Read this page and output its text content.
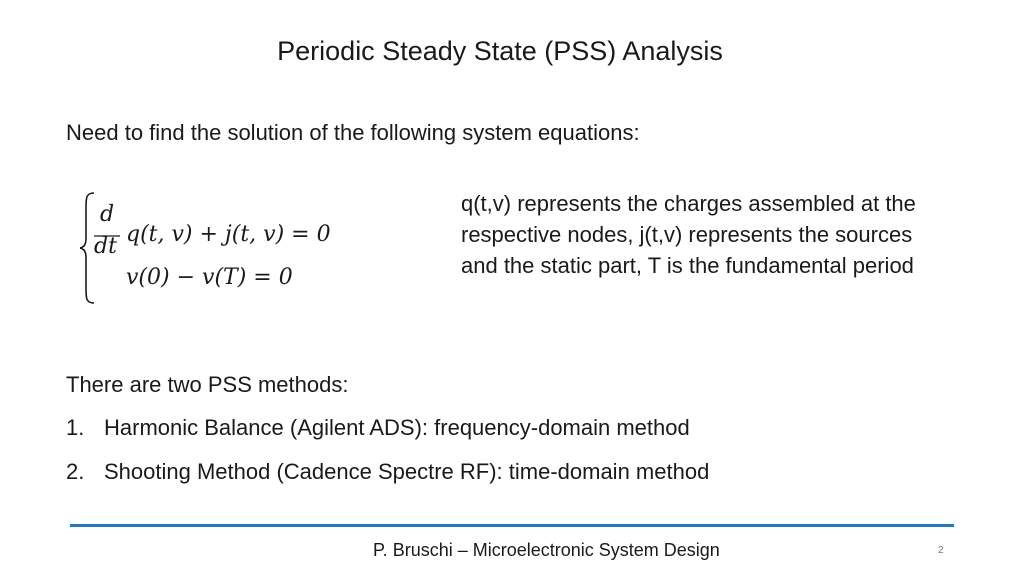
Periodic Steady State (PSS) Analysis
Need to find the solution of the following system equations:
d
dt q(t, v) + j(t, v) = 0
v(0) − v(T) = 0
q(t,v) represents the charges assembled at the respective nodes, j(t,v) represents the sources and the static part, T is the fundamental period
There are two PSS methods:
1. Harmonic Balance (Agilent ADS): frequency-domain method
2. Shooting Method (Cadence Spectre RF): time-domain method
P. Bruschi – Microelectronic System Design	2
